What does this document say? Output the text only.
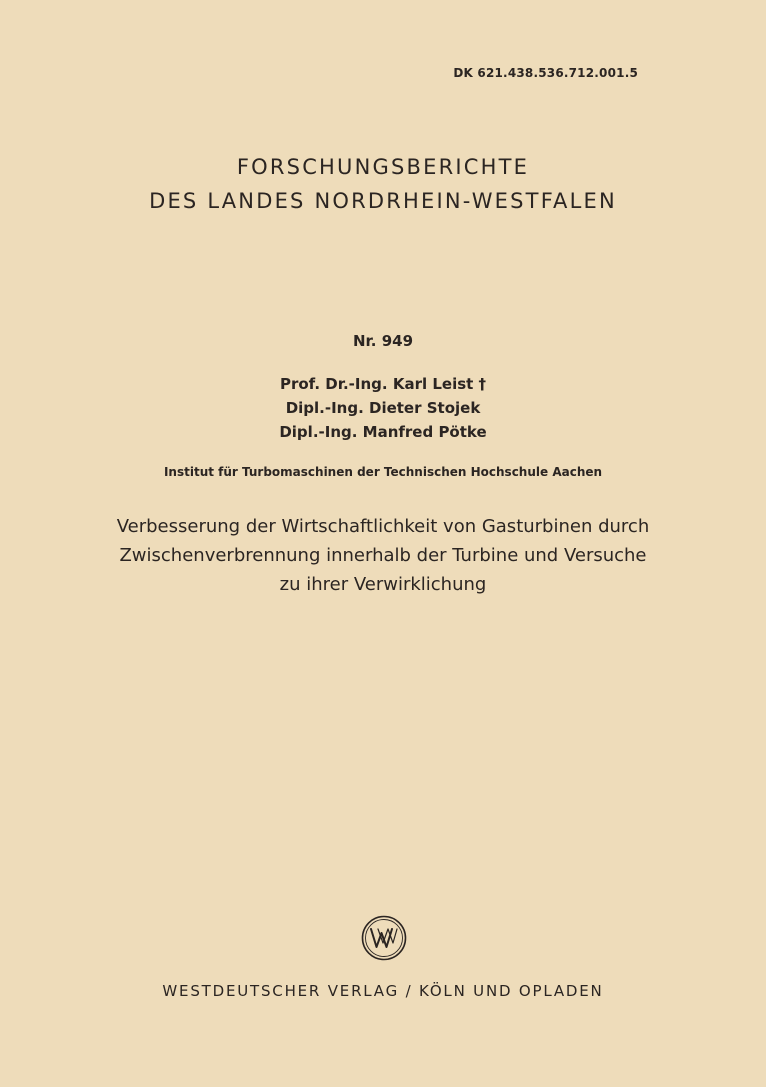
DK 621.438.536.712.001.5
FORSCHUNGSBERICHTE
DES LANDES NORDRHEIN-WESTFALEN
Nr. 949
Prof. Dr.-Ing. Karl Leist †
Dipl.-Ing. Dieter Stojek
Dipl.-Ing. Manfred Pötke
Institut für Turbomaschinen der Technischen Hochschule Aachen
Verbesserung der Wirtschaftlichkeit von Gasturbinen durch
Zwischenverbrennung innerhalb der Turbine und Versuche
zu ihrer Verwirklichung
WESTDEUTSCHER VERLAG / KÖLN UND OPLADEN
